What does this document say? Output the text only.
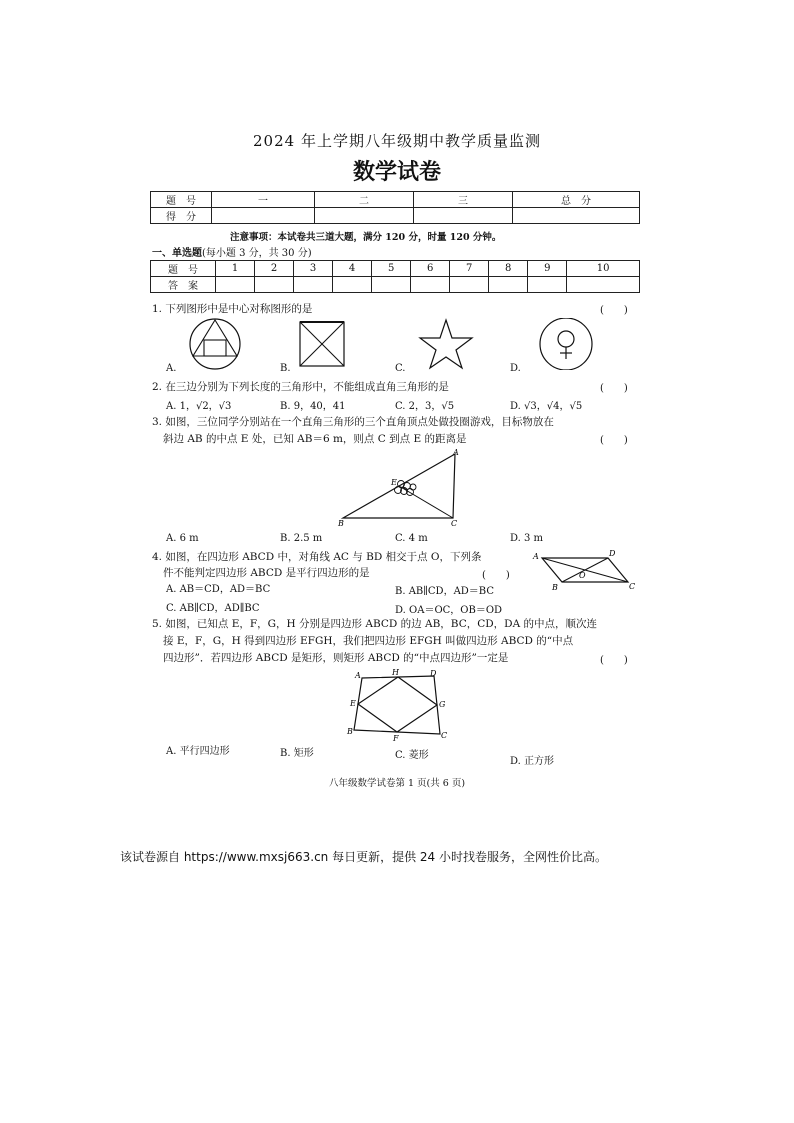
2024 年上学期八年级期中教学质量监测
数学试卷
题　号	一	二	三	总　分
得　分				
注意事项：本试卷共三道大题，满分 120 分，时量 120 分钟。
一、单选题(每小题 3 分，共 30 分)
题　号	1	2	3	4	5	6	7	8	9	10
答　案										
1. 下列图形中是中心对称图形的是	(　　)
A.	B.	C.	D.
2. 在三边分别为下列长度的三角形中，不能组成直角三角形的是	(　　)
A. 1，√2，√3	B. 9，40，41	C. 2，3，√5	D. √3，√4，√5
3. 如图，三位同学分别站在一个直角三角形的三个直角顶点处做投圈游戏，目标物放在
斜边 AB 的中点 E 处，已知 AB＝6 m，则点 C 到点 E 的距离是	(　　)
A
E
B	C
A. 6 m	B. 2.5 m	C. 4 m	D. 3 m
4. 如图，在四边形 ABCD 中，对角线 AC 与 BD 相交于点 O，下列条
件不能判定四边形 ABCD 是平行四边形的是	(　　)
A	D
O
B	C
A. AB＝CD，AD＝BC	B. AB∥CD，AD＝BC
C. AB∥CD，AD∥BC	D. OA＝OC，OB＝OD
5. 如图，已知点 E，F，G，H 分别是四边形 ABCD 的边 AB，BC，CD，DA 的中点，顺次连
接 E，F，G，H 得到四边形 EFGH，我们把四边形 EFGH 叫做四边形 ABCD 的“中点
四边形”．若四边形 ABCD 是矩形，则矩形 ABCD 的“中点四边形”一定是	(　　)
A	H	D
E	G
B
F	C
A. 平行四边形	B. 矩形	C. 菱形
D. 正方形
八年级数学试卷第 1 页(共 6 页)
该试卷源自 https://www.mxsj663.cn 每日更新，提供 24 小时找卷服务，全网性价比高。
